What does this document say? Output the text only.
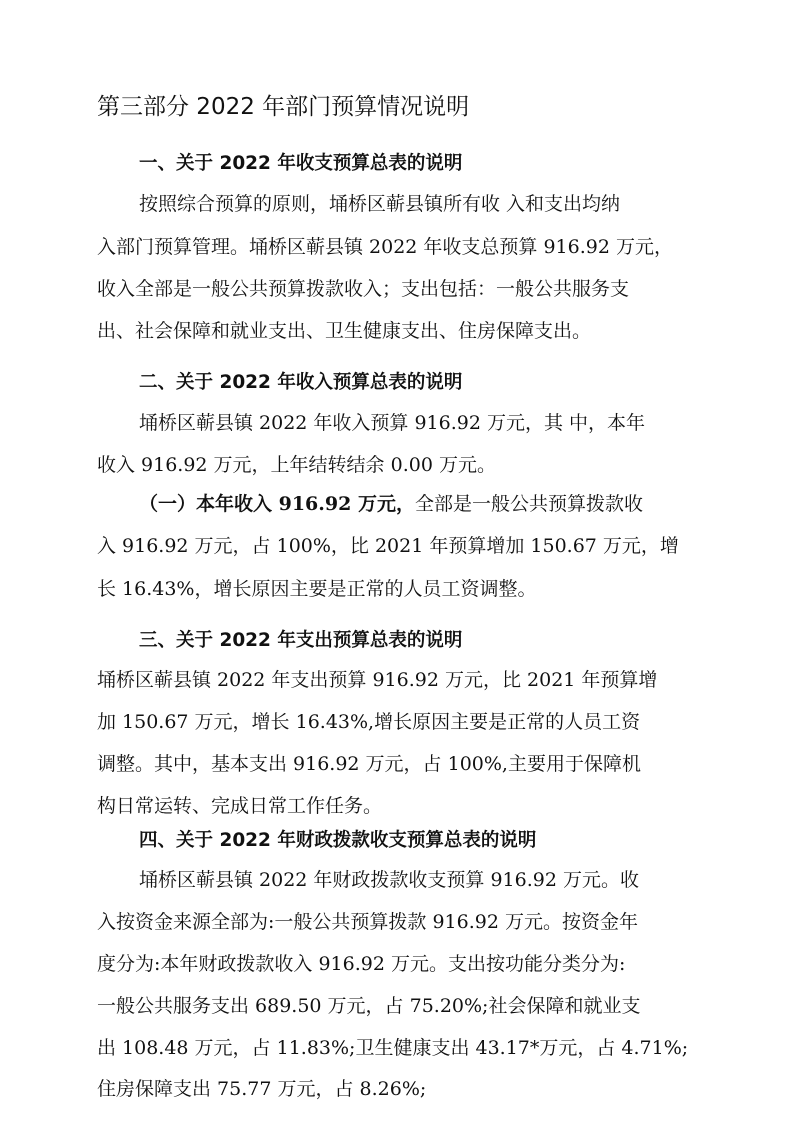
第三部分 2022 年部门预算情况说明
一、关于 2022 年收支预算总表的说明
按照综合预算的原则，埇桥区蕲县镇所有收 入和支出均纳
入部门预算管理。埇桥区蕲县镇 2022 年收支总预算 916.92 万元，
收入全部是一般公共预算拨款收入；支出包括：一般公共服务支
出、社会保障和就业支出、卫生健康支出、住房保障支出。
二、关于 2022 年收入预算总表的说明
埇桥区蕲县镇 2022 年收入预算 916.92 万元，其 中，本年
收入 916.92 万元，上年结转结余 0.00 万元。
（一）本年收入 916.92 万元，全部是一般公共预算拨款收
入 916.92 万元，占 100%，比 2021 年预算增加 150.67 万元，增
长 16.43%，增长原因主要是正常的人员工资调整。
三、关于 2022 年支出预算总表的说明
埇桥区蕲县镇 2022 年支出预算 916.92 万元，比 2021 年预算增
加 150.67 万元，增长 16.43%,增长原因主要是正常的人员工资
调整。其中，基本支出 916.92 万元，占 100%,主要用于保障机
构日常运转、完成日常工作任务。
四、关于 2022 年财政拨款收支预算总表的说明
埇桥区蕲县镇 2022 年财政拨款收支预算 916.92 万元。收
入按资金来源全部为:一般公共预算拨款 916.92 万元。按资金年
度分为:本年财政拨款收入 916.92 万元。支出按功能分类分为:
一般公共服务支出 689.50 万元，占 75.20%;社会保障和就业支
出 108.48 万元，占 11.83%;卫生健康支出 43.17*万元，占 4.71%;
住房保障支出 75.77 万元，占 8.26%;
